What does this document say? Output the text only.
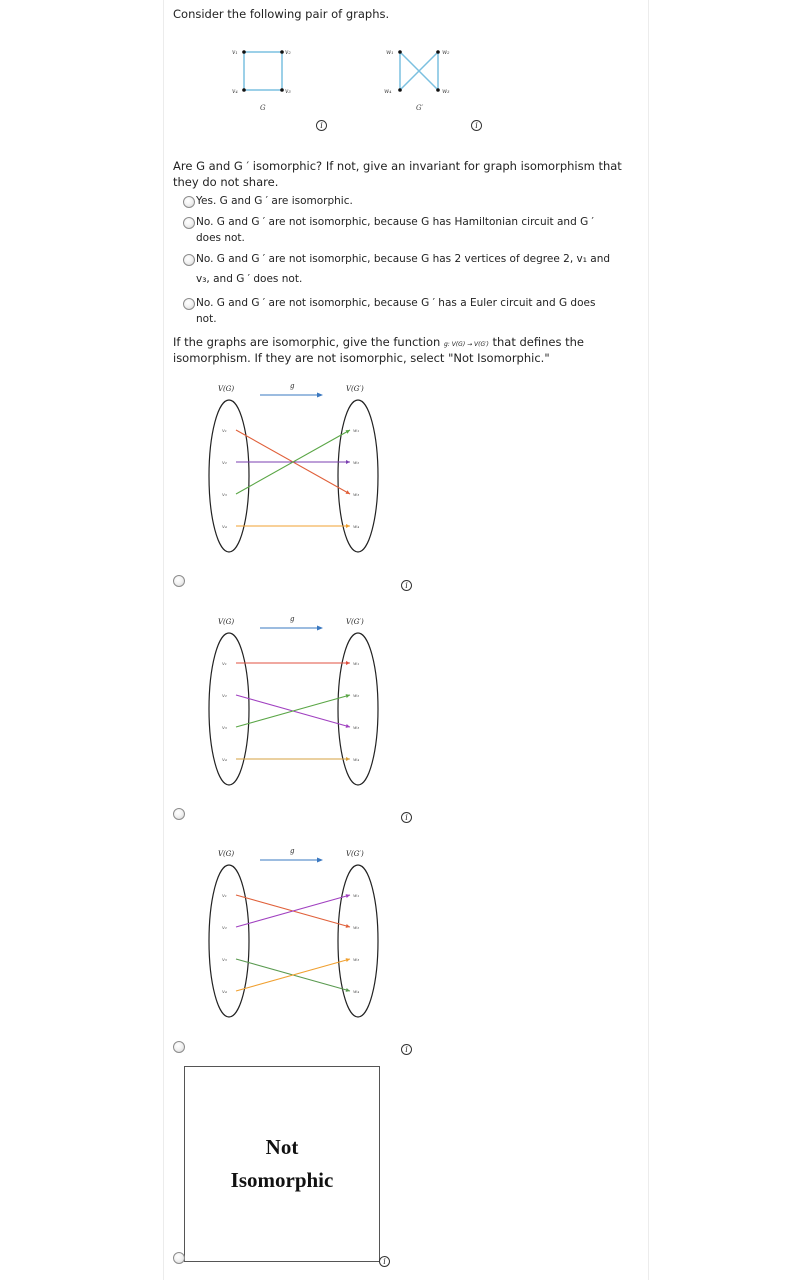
Consider the following pair of graphs.
v₁	v₂
v₃
v₄
G
w₁	w₂
w₃
w₄
G′
i	i
Are G and G ′ isomorphic? If not, give an invariant for graph isomorphism that
they do not share.
Yes. G and G ′ are isomorphic.
No. G and G ′ are not isomorphic, because G has Hamiltonian circuit and G ′
does not.
No. G and G ′ are not isomorphic, because G has 2 vertices of degree 2, v₁ and
v₃, and G ′ does not.
No. G and G ′ are not isomorphic, because G ′ has a Euler circuit and G does
not.
If the graphs are isomorphic, give the function g: V(G) → V(G′) that defines the
isomorphism. If they are not isomorphic, select "Not Isomorphic."
V(G)	V(G′)
g
v₁
v₂
v₃
v₄
w₁
w₂
w₃
w₄
i
V(G)	V(G′)
g
v₁
v₂
v₃
v₄
w₁
w₂
w₃
w₄
i
V(G)	V(G′)
g
v₁
v₂
v₃
v₄
w₁
w₂
w₃
w₄
i
Not
Isomorphic
i
